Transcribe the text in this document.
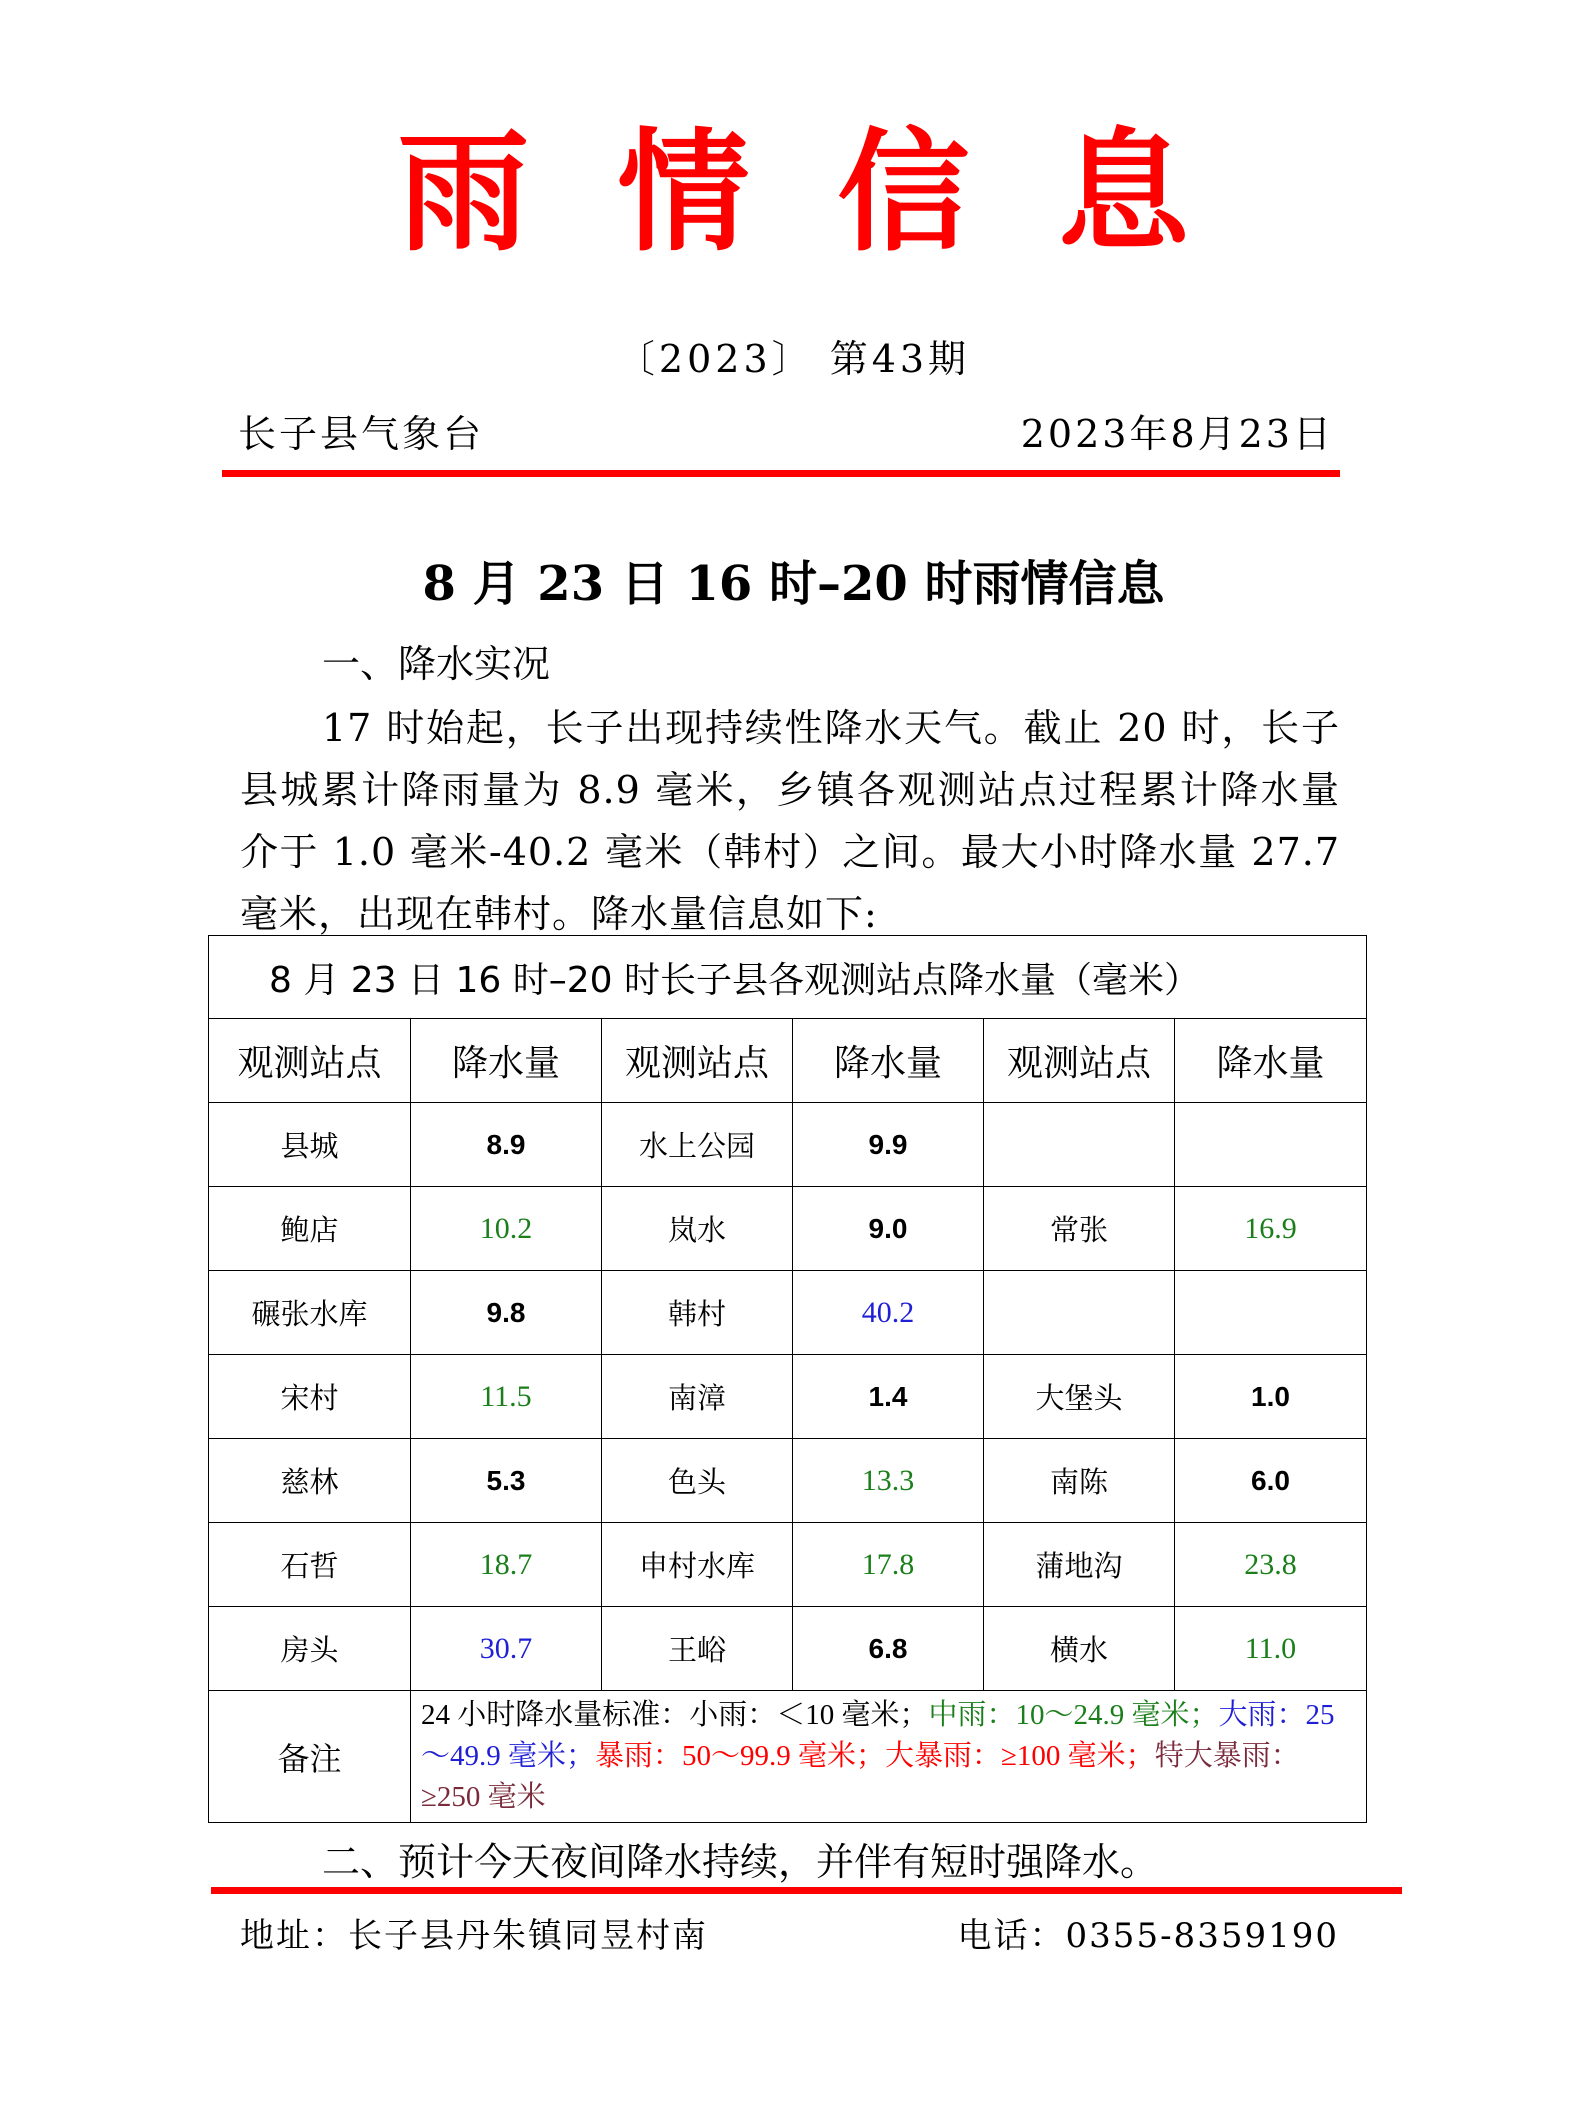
雨情信息
〔2023〕 第43期
长子县气象台	2023年8月23日
8 月 23 日 16 时–20 时雨情信息
一、降水实况
17 时始起，长子出现持续性降水天气。截止 20 时，长子县城累计降雨量为 8.9 毫米，乡镇各观测站点过程累计降水量介于 1.0 毫米-40.2 毫米（韩村）之间。最大小时降水量 27.7 毫米，出现在韩村。降水量信息如下:
8 月 23 日 16 时–20 时长子县各观测站点降水量（毫米）					
观测站点	降水量	观测站点	降水量	观测站点	降水量
县城	8.9	水上公园	9.9		
鲍店	10.2	岚水	9.0	常张	16.9
碾张水库	9.8	韩村	40.2		
宋村	11.5	南漳	1.4	大堡头	1.0
慈林	5.3	色头	13.3	南陈	6.0
石哲	18.7	申村水库	17.8	蒲地沟	23.8
房头	30.7	王峪	6.8	横水	11.0
备注	24 小时降水量标准：小雨：＜10 毫米；中雨：10～24.9 毫米；大雨：25～49.9 毫米；暴雨：50～99.9 毫米；大暴雨：≥100 毫米；特大暴雨：≥250 毫米				
二、预计今天夜间降水持续，并伴有短时强降水。
地址：长子县丹朱镇同昱村南	电话：0355-8359190
